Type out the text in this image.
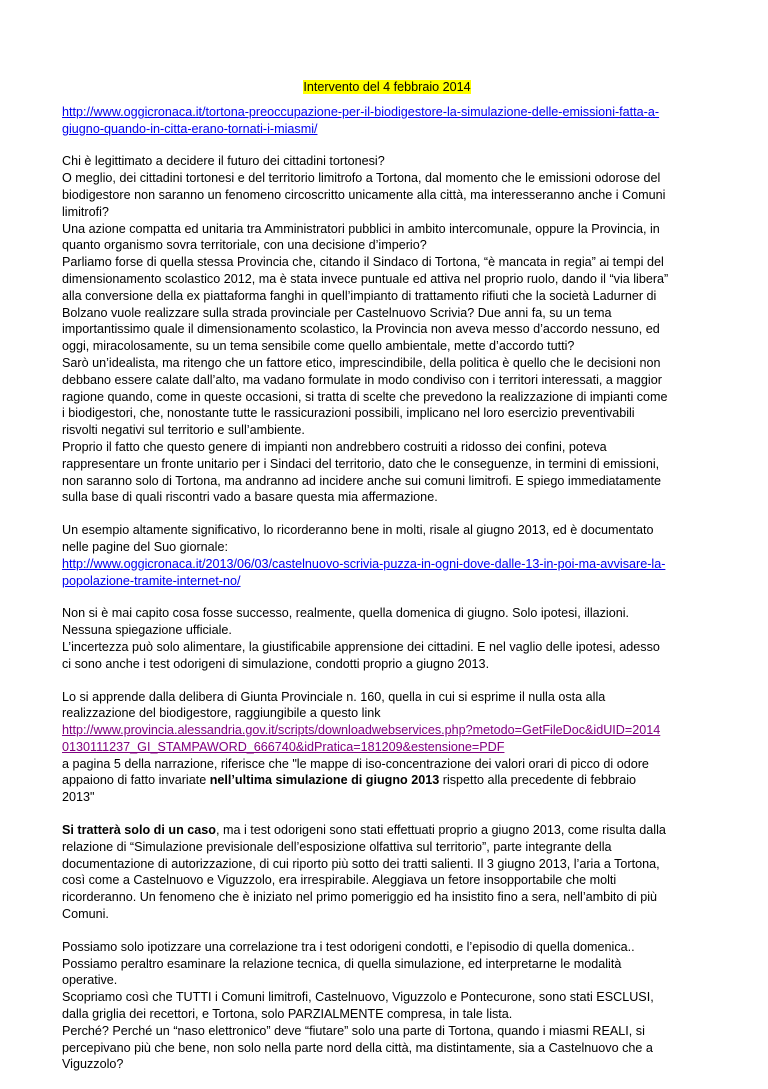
Intervento del 4 febbraio 2014

http://www.oggicronaca.it/tortona-preoccupazione-per-il-biodigestore-la-simulazione-delle-emissioni-fatta-a-
giugno-quando-in-citta-erano-tornati-i-miasmi/

Chi è legittimato a decidere il futuro dei cittadini tortonesi?
O meglio, dei cittadini tortonesi e del territorio limitrofo a Tortona, dal momento che le emissioni odorose del
biodigestore non saranno un fenomeno circoscritto unicamente alla città, ma interesseranno anche i Comuni
limitrofi?
Una azione compatta ed unitaria tra Amministratori pubblici in ambito intercomunale, oppure la Provincia, in
quanto organismo sovra territoriale, con una decisione d’imperio?
Parliamo forse di quella stessa Provincia che, citando il Sindaco di Tortona, “è mancata in regia” ai tempi del
dimensionamento scolastico 2012, ma è stata invece puntuale ed attiva nel proprio ruolo, dando il “via libera”
alla conversione della ex piattaforma fanghi in quell’impianto di trattamento rifiuti che la società Ladurner di
Bolzano vuole realizzare sulla strada provinciale per Castelnuovo Scrivia? Due anni fa, su un tema
importantissimo quale il dimensionamento scolastico, la Provincia non aveva messo d’accordo nessuno, ed
oggi, miracolosamente, su un tema sensibile come quello ambientale, mette d’accordo tutti?
Sarò un’idealista, ma ritengo che un fattore etico, imprescindibile, della politica è quello che le decisioni non
debbano essere calate dall’alto, ma vadano formulate in modo condiviso con i territori interessati, a maggior
ragione quando, come in queste occasioni, si tratta di scelte che prevedono la realizzazione di impianti come
i biodigestori, che, nonostante tutte le rassicurazioni possibili, implicano nel loro esercizio preventivabili
risvolti negativi sul territorio e sull’ambiente.
Proprio il fatto che questo genere di impianti non andrebbero costruiti a ridosso dei confini, poteva
rappresentare un fronte unitario per i Sindaci del territorio, dato che le conseguenze, in termini di emissioni,
non saranno solo di Tortona, ma andranno ad incidere anche sui comuni limitrofi. E spiego immediatamente
sulla base di quali riscontri vado a basare questa mia affermazione.

Un esempio altamente significativo, lo ricorderanno bene in molti, risale al giugno 2013, ed è documentato
nelle pagine del Suo giornale:
http://www.oggicronaca.it/2013/06/03/castelnuovo-scrivia-puzza-in-ogni-dove-dalle-13-in-poi-ma-avvisare-la-
popolazione-tramite-internet-no/

Non si è mai capito cosa fosse successo, realmente, quella domenica di giugno. Solo ipotesi, illazioni.
Nessuna spiegazione ufficiale.
L’incertezza può solo alimentare, la giustificabile apprensione dei cittadini. E nel vaglio delle ipotesi, adesso
ci sono anche i test odorigeni di simulazione, condotti proprio a giugno 2013.

Lo si apprende dalla delibera di Giunta Provinciale n. 160, quella in cui si esprime il nulla osta alla
realizzazione del biodigestore, raggiungibile a questo link
http://www.provincia.alessandria.gov.it/scripts/downloadwebservices.php?metodo=GetFileDoc&idUID=2014
0130111237_GI_STAMPAWORD_666740&idPratica=181209&estensione=PDF
a pagina 5 della narrazione, riferisce che "le mappe di iso-concentrazione dei valori orari di picco di odore
appaiono di fatto invariate nell’ultima simulazione di giugno 2013 rispetto alla precedente di febbraio
2013"

Si tratterà solo di un caso, ma i test odorigeni sono stati effettuati proprio a giugno 2013, come risulta dalla
relazione di “Simulazione previsionale dell’esposizione olfattiva sul territorio”, parte integrante della
documentazione di autorizzazione, di cui riporto più sotto dei tratti salienti. Il 3 giugno 2013, l’aria a Tortona,
così come a Castelnuovo e Viguzzolo, era irrespirabile. Aleggiava un fetore insopportabile che molti
ricorderanno. Un fenomeno che è iniziato nel primo pomeriggio ed ha insistito fino a sera, nell’ambito di più
Comuni.

Possiamo solo ipotizzare una correlazione tra i test odorigeni condotti, e l’episodio di quella domenica..
Possiamo peraltro esaminare la relazione tecnica, di quella simulazione, ed interpretarne le modalità
operative.
Scopriamo così che TUTTI i Comuni limitrofi, Castelnuovo, Viguzzolo e Pontecurone, sono stati ESCLUSI,
dalla griglia dei recettori, e Tortona, solo PARZIALMENTE compresa, in tale lista.
Perché? Perché un “naso elettronico” deve “fiutare” solo una parte di Tortona, quando i miasmi REALI, si
percepivano più che bene, non solo nella parte nord della città, ma distintamente, sia a Castelnuovo che a
Viguzzolo?
